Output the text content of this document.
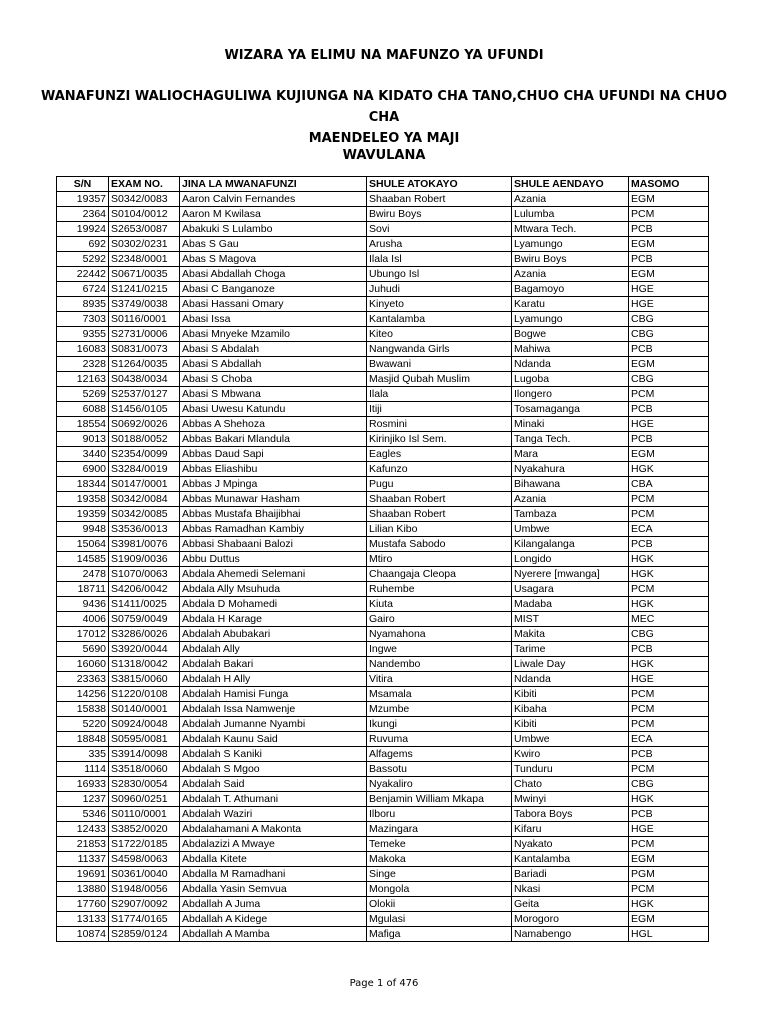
WIZARA YA ELIMU NA MAFUNZO YA UFUNDI
WANAFUNZI WALIOCHAGULIWA KUJIUNGA NA KIDATO CHA TANO,CHUO CHA UFUNDI NA CHUO CHA
MAENDELEO YA MAJI
WAVULANA
S/N	EXAM NO.	JINA LA MWANAFUNZI	SHULE ATOKAYO	SHULE AENDAYO	MASOMO
19357	S0342/0083	Aaron Calvin Fernandes	Shaaban Robert	Azania	EGM
2364	S0104/0012	Aaron M Kwilasa	Bwiru Boys	Lulumba	PCM
19924	S2653/0087	Abakuki S Lulambo	Sovi	Mtwara Tech.	PCB
692	S0302/0231	Abas S Gau	Arusha	Lyamungo	EGM
5292	S2348/0001	Abas S Magova	Ilala Isl	Bwiru Boys	PCB
22442	S0671/0035	Abasi Abdallah Choga	Ubungo Isl	Azania	EGM
6724	S1241/0215	Abasi C Banganoze	Juhudi	Bagamoyo	HGE
8935	S3749/0038	Abasi Hassani Omary	Kinyeto	Karatu	HGE
7303	S0116/0001	Abasi Issa	Kantalamba	Lyamungo	CBG
9355	S2731/0006	Abasi Mnyeke Mzamilo	Kiteo	Bogwe	CBG
16083	S0831/0073	Abasi S Abdalah	Nangwanda Girls	Mahiwa	PCB
2328	S1264/0035	Abasi S Abdallah	Bwawani	Ndanda	EGM
12163	S0438/0034	Abasi S Choba	Masjid Qubah Muslim	Lugoba	CBG
5269	S2537/0127	Abasi S Mbwana	Ilala	Ilongero	PCM
6088	S1456/0105	Abasi Uwesu Katundu	Itiji	Tosamaganga	PCB
18554	S0692/0026	Abbas A Shehoza	Rosmini	Minaki	HGE
9013	S0188/0052	Abbas Bakari Mlandula	Kirinjiko Isl Sem.	Tanga Tech.	PCB
3440	S2354/0099	Abbas Daud Sapi	Eagles	Mara	EGM
6900	S3284/0019	Abbas Eliashibu	Kafunzo	Nyakahura	HGK
18344	S0147/0001	Abbas J Mpinga	Pugu	Bihawana	CBA
19358	S0342/0084	Abbas Munawar Hasham	Shaaban Robert	Azania	PCM
19359	S0342/0085	Abbas Mustafa Bhaijibhai	Shaaban Robert	Tambaza	PCM
9948	S3536/0013	Abbas Ramadhan Kambiy	Lilian Kibo	Umbwe	ECA
15064	S3981/0076	Abbasi Shabaani Balozi	Mustafa Sabodo	Kilangalanga	PCB
14585	S1909/0036	Abbu Duttus	Mtiro	Longido	HGK
2478	S1070/0063	Abdala Ahemedi Selemani	Chaangaja Cleopa	Nyerere [mwanga]	HGK
18711	S4206/0042	Abdala Ally Msuhuda	Ruhembe	Usagara	PCM
9436	S1411/0025	Abdala D Mohamedi	Kiuta	Madaba	HGK
4006	S0759/0049	Abdala H Karage	Gairo	MIST	MEC
17012	S3286/0026	Abdalah Abubakari	Nyamahona	Makita	CBG
5690	S3920/0044	Abdalah Ally	Ingwe	Tarime	PCB
16060	S1318/0042	Abdalah Bakari	Nandembo	Liwale Day	HGK
23363	S3815/0060	Abdalah H Ally	Vitira	Ndanda	HGE
14256	S1220/0108	Abdalah Hamisi Funga	Msamala	Kibiti	PCM
15838	S0140/0001	Abdalah Issa Namwenje	Mzumbe	Kibaha	PCM
5220	S0924/0048	Abdalah Jumanne Nyambi	Ikungi	Kibiti	PCM
18848	S0595/0081	Abdalah Kaunu Said	Ruvuma	Umbwe	ECA
335	S3914/0098	Abdalah S Kaniki	Alfagems	Kwiro	PCB
1114	S3518/0060	Abdalah S Mgoo	Bassotu	Tunduru	PCM
16933	S2830/0054	Abdalah Said	Nyakaliro	Chato	CBG
1237	S0960/0251	Abdalah T. Athumani	Benjamin William Mkapa	Mwinyi	HGK
5346	S0110/0001	Abdalah Waziri	Ilboru	Tabora Boys	PCB
12433	S3852/0020	Abdalahamani A Makonta	Mazingara	Kifaru	HGE
21853	S1722/0185	Abdalazizi A Mwaye	Temeke	Nyakato	PCM
11337	S4598/0063	Abdalla Kitete	Makoka	Kantalamba	EGM
19691	S0361/0040	Abdalla M Ramadhani	Singe	Bariadi	PGM
13880	S1948/0056	Abdalla Yasin Semvua	Mongola	Nkasi	PCM
17760	S2907/0092	Abdallah A Juma	Olokii	Geita	HGK
13133	S1774/0165	Abdallah A Kidege	Mgulasi	Morogoro	EGM
10874	S2859/0124	Abdallah A Mamba	Mafiga	Namabengo	HGL
Page 1 of 476
